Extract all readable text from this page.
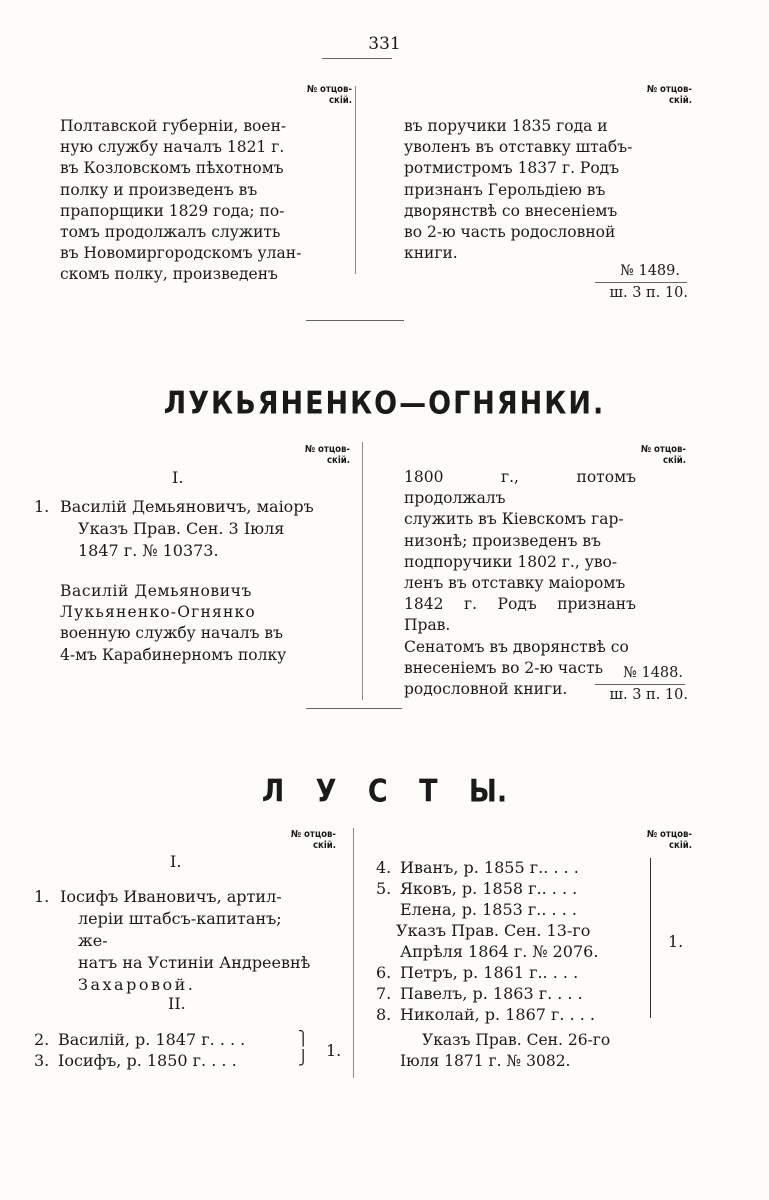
331
№ отцов-
скій.
№ отцов-
скій.

Полтавской губерніи, воен-

ную службу началъ 1821 г.

въ Козловскомъ пѣхотномъ

полку и произведенъ въ

прапорщики 1829 года; по-

томъ продолжалъ служить

въ Новомиргородскомъ улан-

скомъ полку, произведенъ

въ поручики 1835 года и

уволенъ въ отставку штабъ-

ротмистромъ 1837 г. Родъ

признанъ Герольдіею въ

дворянствѣ со внесеніемъ

во 2-ю часть родословной

книги.

№ 1489.
ш. 3 п. 10.
ЛУКЬЯНЕНКО—ОГНЯНКИ.
№ отцов-
скій.
№ отцов-
скій.
I.
1. Василій Демьяновичъ, маіоръ
Указъ Прав. Сен. 3 Іюля
1847 г. № 10373.

Василій Демьяновичъ

Лукьяненко-Огнянко

военную службу началъ въ

4-мъ Карабинерномъ полку

1800 г., потомъ продолжалъ

служить въ Кіевскомъ гар-

низонѣ; произведенъ въ

подпоручики 1802 г., уво-

ленъ въ отставку маіоромъ

1842 г. Родъ признанъ Прав.

Сенатомъ въ дворянствѣ со

внесеніемъ во 2-ю часть

родословной книги.

№ 1488.
ш. 3 п. 10.
Л У С Т Ы.
№ отцов-
скій.
№ отцов-
скій.
I.
1. Іосифъ Ивановичъ, артил-
леріи штабсъ-капитанъ; же-
натъ на Устиніи Андреевнѣ
Захаровой.
II.
2. Василій, р. 1847 г. . . .
3. Іосифъ, р. 1850 г. . . .
⎫
⎭ 1.
4. Иванъ, р. 1855 г.. . . .
5. Яковъ, р. 1858 г.. . . .
Елена, р. 1853 г.. . . .
Указъ Прав. Сен. 13-го
Апрѣля 1864 г. № 2076.
6. Петръ, р. 1861 г.. . . .
7. Павелъ, р. 1863 г. . . .
8. Николай, р. 1867 г. . . .
1.
Указъ Прав. Сен. 26-го
Іюля 1871 г. № 3082.
